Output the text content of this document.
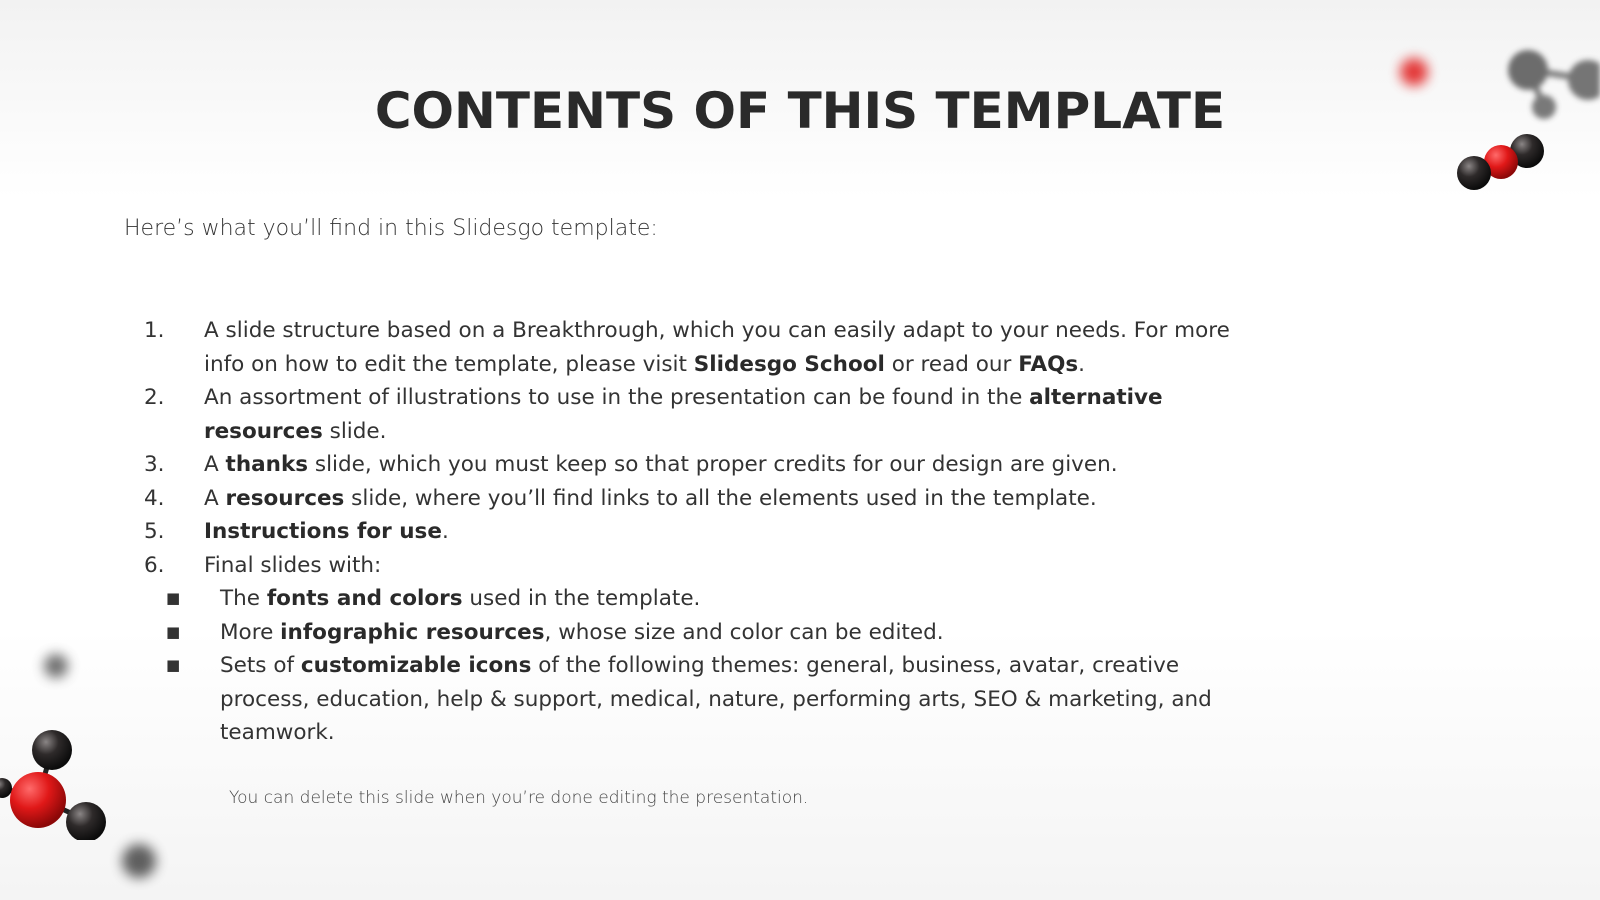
CONTENTS OF THIS TEMPLATE

Here’s what you’ll find in this Slidesgo template:

1. A slide structure based on a Breakthrough, which you can easily adapt to your needs. For more info on how to edit the template, please visit Slidesgo School or read our FAQs.
2. An assortment of illustrations to use in the presentation can be found in the alternative resources slide.
3. A thanks slide, which you must keep so that proper credits for our design are given.
4. A resources slide, where you’ll find links to all the elements used in the template.
5. Instructions for use.
6. Final slides with:
■ The fonts and colors used in the template.
■ More infographic resources, whose size and color can be edited.
■ Sets of customizable icons of the following themes: general, business, avatar, creative process, education, help & support, medical, nature, performing arts, SEO & marketing, and teamwork.

You can delete this slide when you’re done editing the presentation.
